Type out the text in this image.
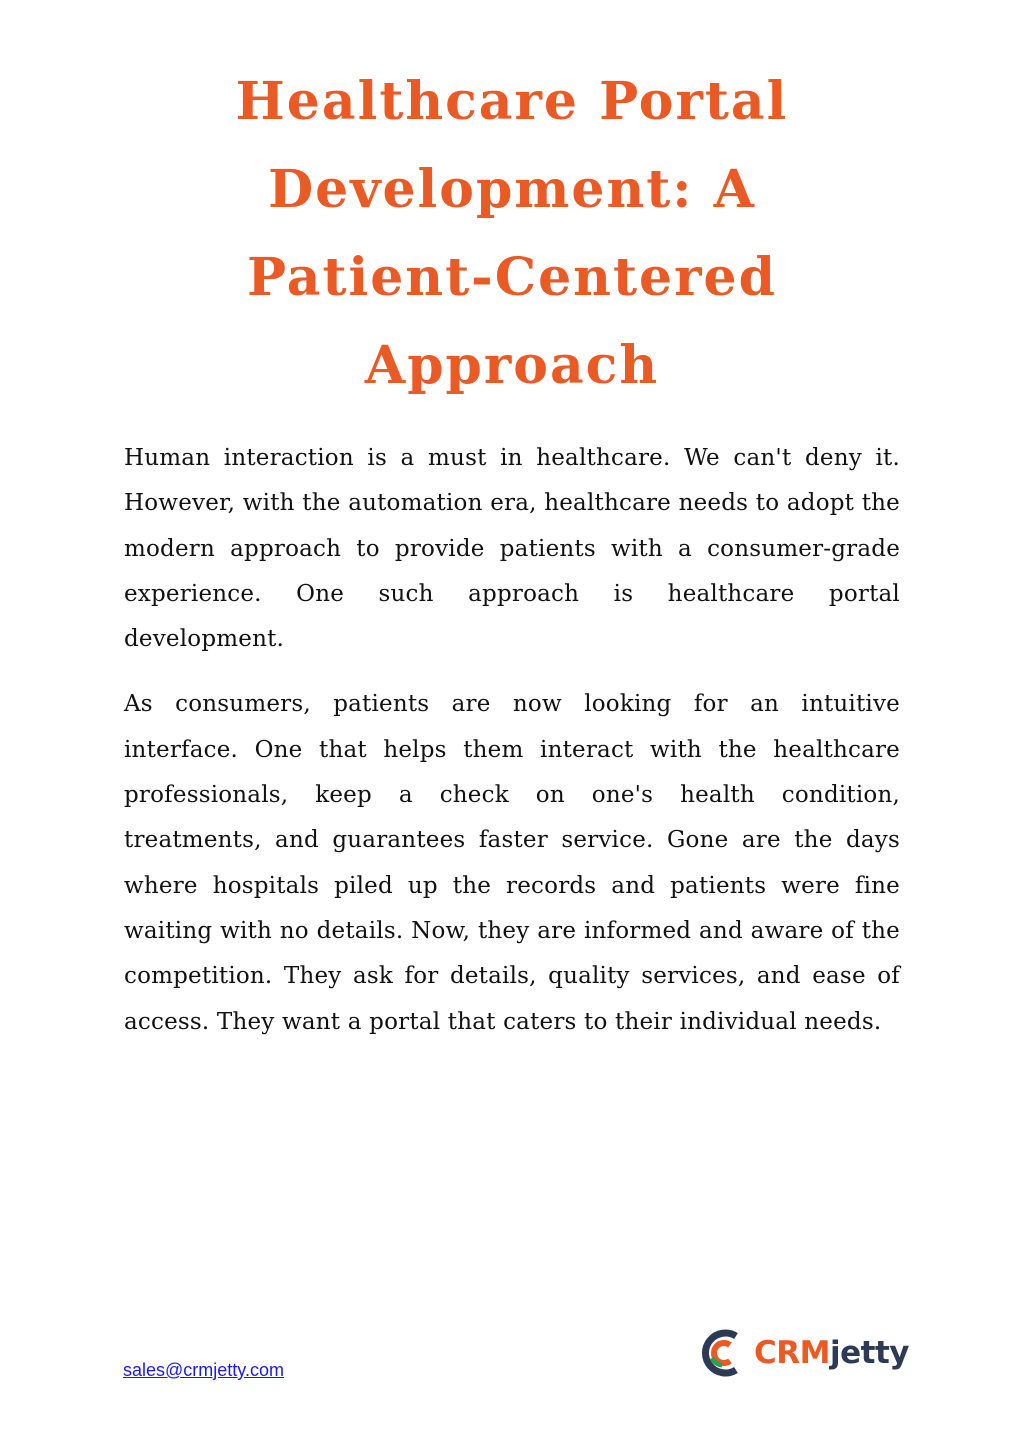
Healthcare Portal Development: A Patient-Centered Approach

Human interaction is a must in healthcare. We can't deny it. However, with the automation era, healthcare needs to adopt the modern approach to provide patients with a consumer-grade experience. One such approach is healthcare portal development.

As consumers, patients are now looking for an intuitive interface. One that helps them interact with the healthcare professionals, keep a check on one's health condition, treatments, and guarantees faster service. Gone are the days where hospitals piled up the records and patients were fine waiting with no details. Now, they are informed and aware of the competition. They ask for details, quality services, and ease of access. They want a portal that caters to their individual needs.

sales@crmjetty.com	CRMjetty
